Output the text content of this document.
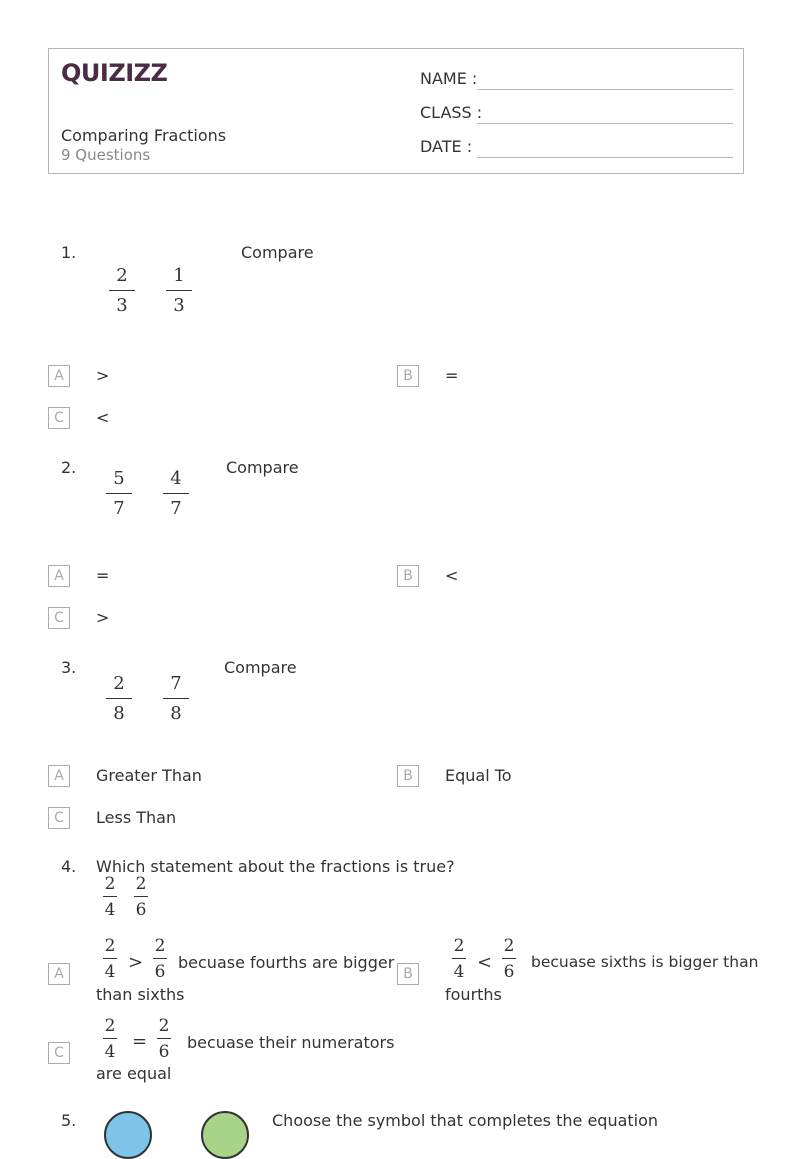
QUIZIZZ
Comparing Fractions
9 Questions
NAME :
CLASS :
DATE :
1.	Compare
2
3
1
3
A	>	B	=
C	<
2.	Compare
5
7
4
7
A	=	B	<
C	>
3.	Compare
2
8
7
8
A	Greater Than	B	Equal To
C	Less Than
4. Which statement about the fractions is true?
2
4
2
6
A
2
4 >
2
6 becuase fourths are bigger
than sixths
B
2
4 <
2
6 becuase sixths is bigger than
fourths
C
2
4 =
2
6 becuase their numerators
are equal
5.	Choose the symbol that completes the equation
